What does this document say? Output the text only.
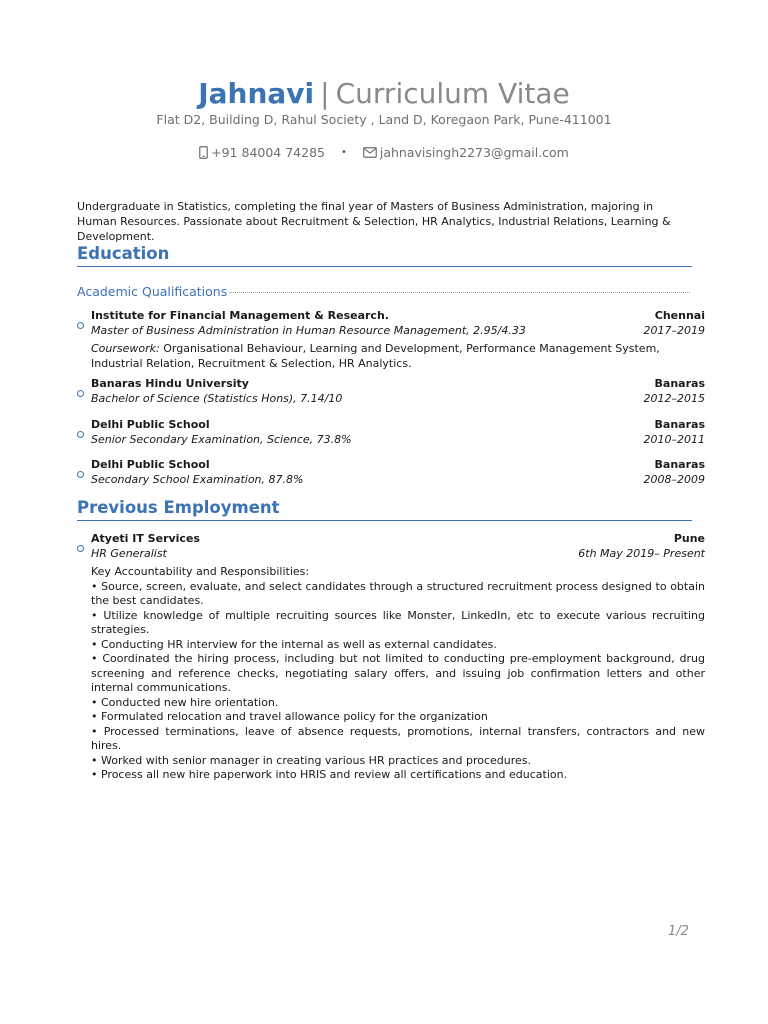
Jahnavi | Curriculum Vitae
Flat D2, Building D, Rahul Society , Land D, Koregaon Park, Pune-411001
+91 84004 74285 •	jahnavisingh2273@gmail.com
Undergraduate in Statistics, completing the final year of Masters of Business Administration, majoring in Human Resources. Passionate about Recruitment & Selection, HR Analytics, Industrial Relations, Learning & Development.
Education
Academic Qualifications
Institute for Financial Management & Research.	Chennai
Master of Business Administration in Human Resource Management, 2.95/4.33	2017–2019
Coursework: Organisational Behaviour, Learning and Development, Performance Management System, Industrial Relation, Recruitment & Selection, HR Analytics.
Banaras Hindu University	Banaras
Bachelor of Science (Statistics Hons), 7.14/10	2012–2015
Delhi Public School	Banaras
Senior Secondary Examination, Science, 73.8%	2010–2011
Delhi Public School	Banaras
Secondary School Examination, 87.8%	2008–2009
Previous Employment
Atyeti IT Services	Pune
HR Generalist	6th May 2019– Present
Key Accountability and Responsibilities:
• Source, screen, evaluate, and select candidates through a structured recruitment process designed to obtain the best candidates.
• Utilize knowledge of multiple recruiting sources like Monster, LinkedIn, etc to execute various recruiting strategies.
• Conducting HR interview for the internal as well as external candidates.
• Coordinated the hiring process, including but not limited to conducting pre-employment background, drug screening and reference checks, negotiating salary offers, and issuing job confirmation letters and other internal communications.
• Conducted new hire orientation.
• Formulated relocation and travel allowance policy for the organization
• Processed terminations, leave of absence requests, promotions, internal transfers, contractors and new hires.
• Worked with senior manager in creating various HR practices and procedures.
• Process all new hire paperwork into HRIS and review all certifications and education.
1/2
